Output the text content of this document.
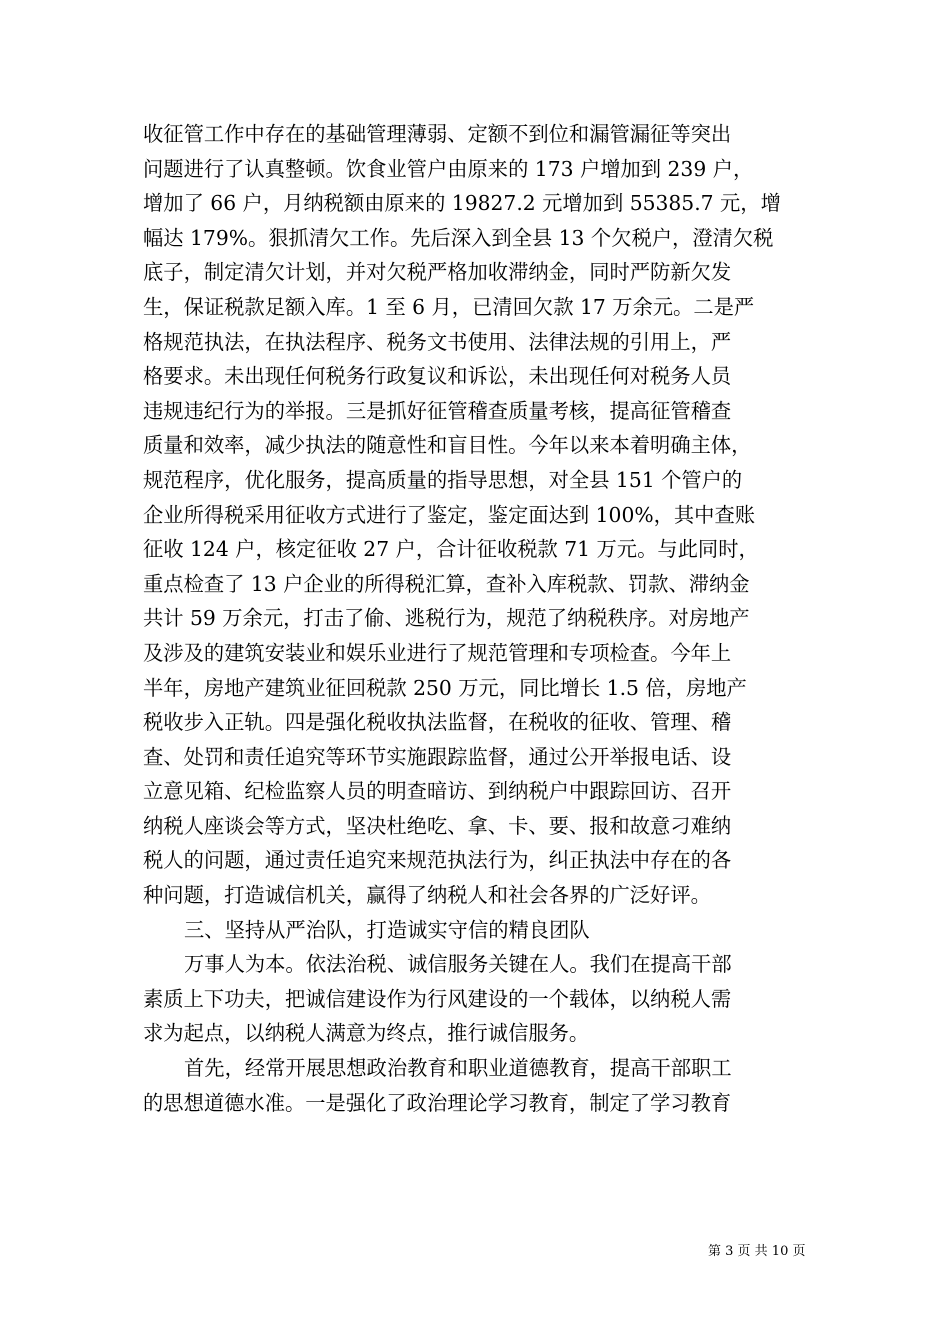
收征管工作中存在的基础管理薄弱、定额不到位和漏管漏征等突出
问题进行了认真整顿。饮食业管户由原来的 173 户增加到 239 户，
增加了 66 户，月纳税额由原来的 19827.2 元增加到 55385.7 元，增
幅达 179%。狠抓清欠工作。先后深入到全县 13 个欠税户，澄清欠税
底子，制定清欠计划，并对欠税严格加收滞纳金，同时严防新欠发
生，保证税款足额入库。1 至 6 月，已清回欠款 17 万余元。二是严
格规范执法，在执法程序、税务文书使用、法律法规的引用上，严
格要求。未出现任何税务行政复议和诉讼，未出现任何对税务人员
违规违纪行为的举报。三是抓好征管稽查质量考核，提高征管稽查
质量和效率，减少执法的随意性和盲目性。今年以来本着明确主体，
规范程序，优化服务，提高质量的指导思想，对全县 151 个管户的
企业所得税采用征收方式进行了鉴定，鉴定面达到 100%，其中查账
征收 124 户，核定征收 27 户，合计征收税款 71 万元。与此同时，
重点检查了 13 户企业的所得税汇算，查补入库税款、罚款、滞纳金
共计 59 万余元，打击了偷、逃税行为，规范了纳税秩序。对房地产
及涉及的建筑安装业和娱乐业进行了规范管理和专项检查。今年上
半年，房地产建筑业征回税款 250 万元，同比增长 1.5 倍，房地产
税收步入正轨。四是强化税收执法监督，在税收的征收、管理、稽
查、处罚和责任追究等环节实施跟踪监督，通过公开举报电话、设
立意见箱、纪检监察人员的明查暗访、到纳税户中跟踪回访、召开
纳税人座谈会等方式，坚决杜绝吃、拿、卡、要、报和故意刁难纳
税人的问题，通过责任追究来规范执法行为，纠正执法中存在的各
种问题，打造诚信机关，赢得了纳税人和社会各界的广泛好评。
三、坚持从严治队，打造诚实守信的精良团队
万事人为本。依法治税、诚信服务关键在人。我们在提高干部
素质上下功夫，把诚信建设作为行风建设的一个载体，以纳税人需
求为起点，以纳税人满意为终点，推行诚信服务。
首先，经常开展思想政治教育和职业道德教育，提高干部职工
的思想道德水准。一是强化了政治理论学习教育，制定了学习教育
第 3 页 共 10 页
